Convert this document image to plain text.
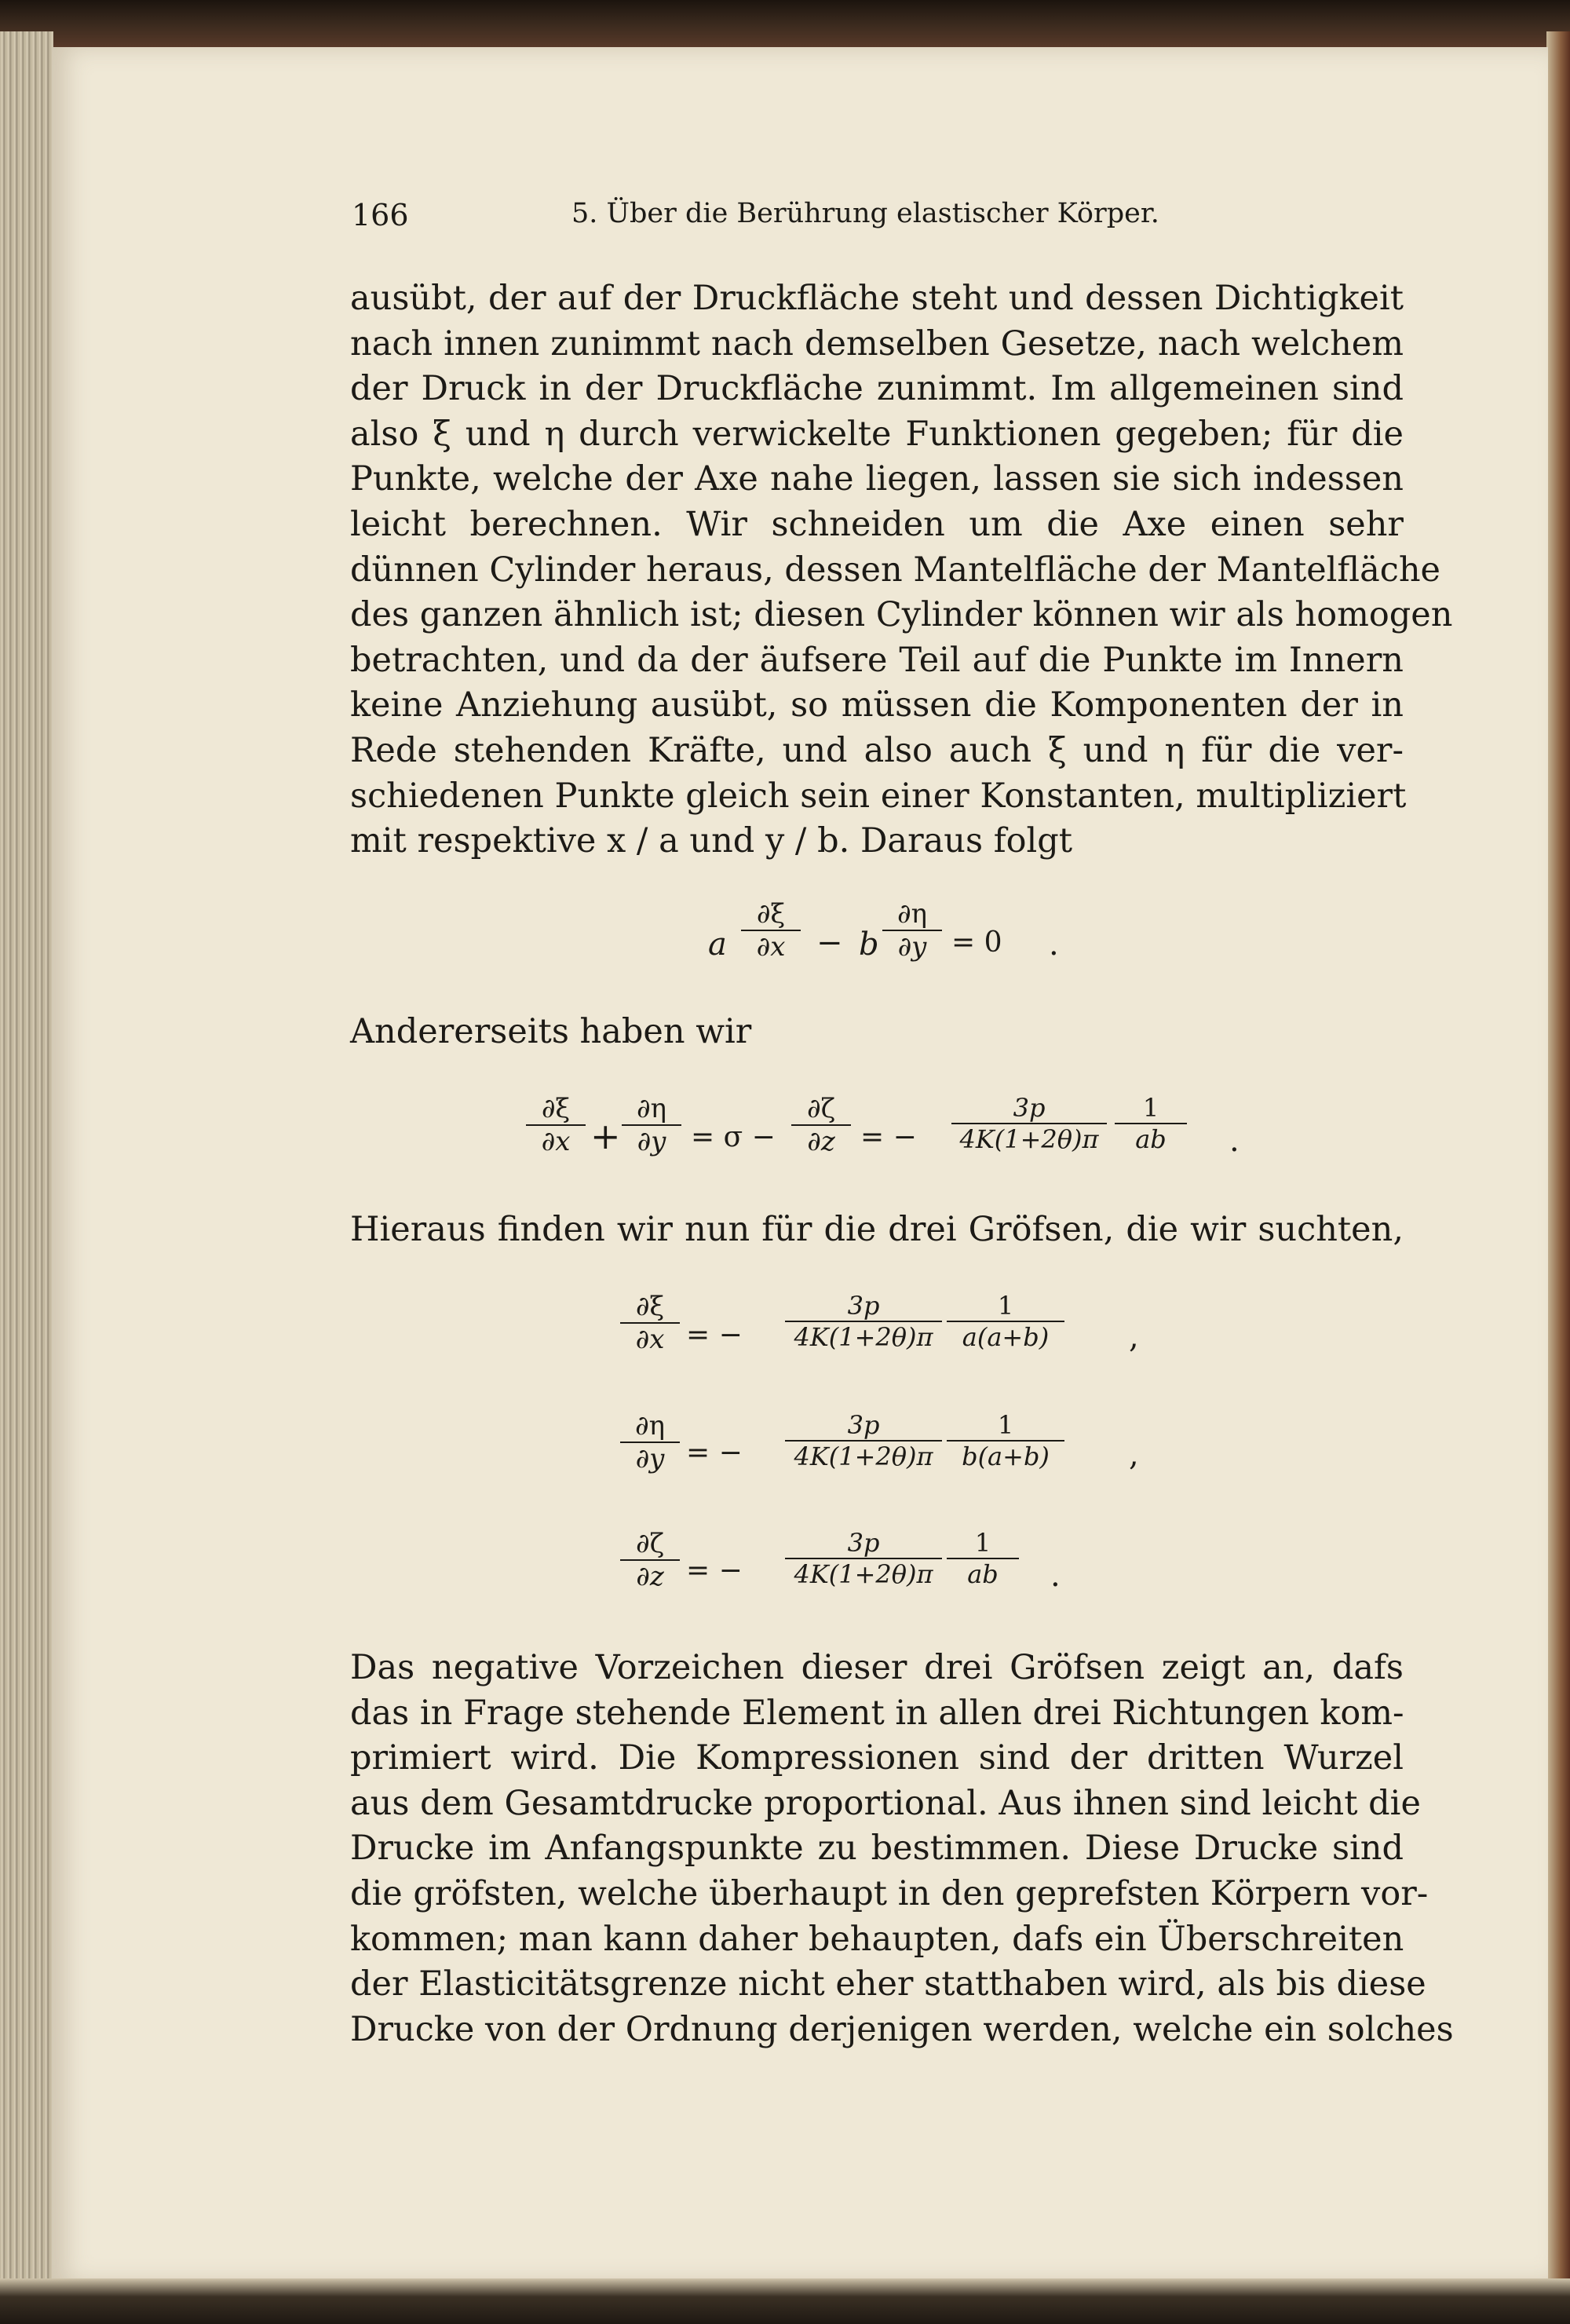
166	5. Über die Berührung elastischer Körper.
ausübt, der auf der Druckfläche steht und dessen Dichtigkeit
nach innen zunimmt nach demselben Gesetze, nach welchem
der Druck in der Druckfläche zunimmt. Im allgemeinen sind
also ξ und η durch verwickelte Funktionen gegeben; für die
Punkte, welche der Axe nahe liegen, lassen sie sich indessen
leicht berechnen. Wir schneiden um die Axe einen sehr
dünnen Cylinder heraus, dessen Mantelfläche der Mantelfläche
des ganzen ähnlich ist; diesen Cylinder können wir als homogen
betrachten, und da der äufsere Teil auf die Punkte im Innern
keine Anziehung ausübt, so müssen die Komponenten der in
Rede stehenden Kräfte, und also auch ξ und η für die ver-
schiedenen Punkte gleich sein einer Konstanten, multipliziert
mit respektive x / a und y / b. Daraus folgt
a
∂ξ
∂x − b
∂η
∂y = 0 .
Andererseits haben wir
∂ξ
∂x +
∂η
∂y = σ −
∂ζ
∂z = −
3p
4K(1+2θ)π
1
ab	.
Hieraus finden wir nun für die drei Gröfsen, die wir suchten,
∂ξ
∂x = −
3p
4K(1+2θ)π
1
a(a+b)	,
∂η
∂y = −
3p
4K(1+2θ)π
1
b(a+b)	,
∂ζ
∂z = −
3p
4K(1+2θ)π
1
ab	.
Das negative Vorzeichen dieser drei Gröfsen zeigt an, dafs
das in Frage stehende Element in allen drei Richtungen kom-
primiert wird. Die Kompressionen sind der dritten Wurzel
aus dem Gesamtdrucke proportional. Aus ihnen sind leicht die
Drucke im Anfangspunkte zu bestimmen. Diese Drucke sind
die gröfsten, welche überhaupt in den geprefsten Körpern vor-
kommen; man kann daher behaupten, dafs ein Überschreiten
der Elasticitätsgrenze nicht eher statthaben wird, als bis diese
Drucke von der Ordnung derjenigen werden, welche ein solches
